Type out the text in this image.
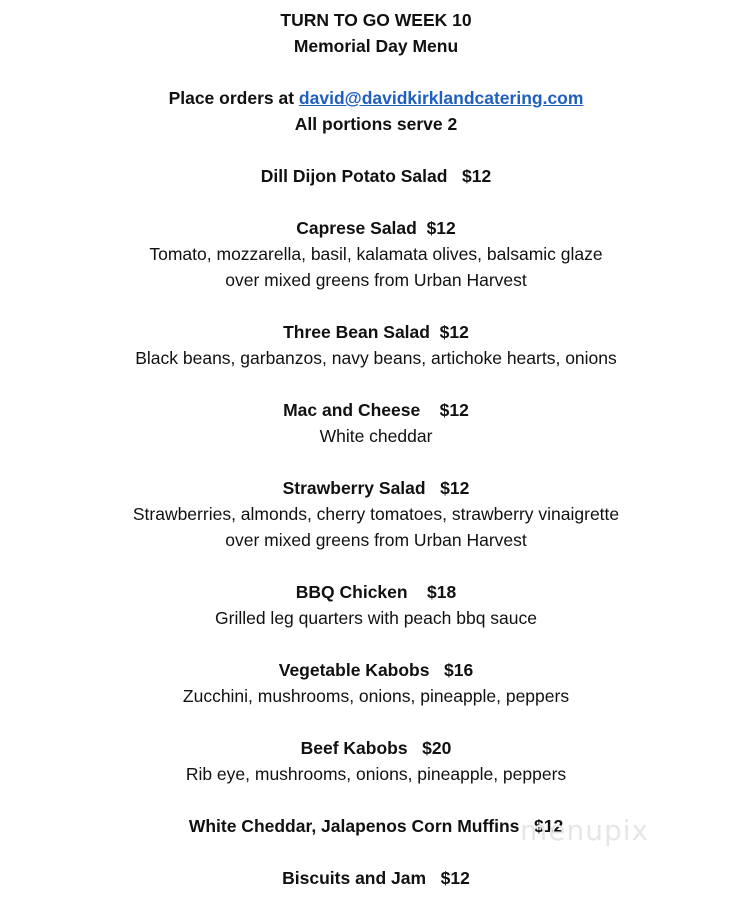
TURN TO GO WEEK 10
Memorial Day Menu
Place orders at david@davidkirklandcatering.com
All portions serve 2
Dill Dijon Potato Salad   $12
Caprese Salad  $12
Tomato, mozzarella, basil, kalamata olives, balsamic glaze
over mixed greens from Urban Harvest
Three Bean Salad  $12
Black beans, garbanzos, navy beans, artichoke hearts, onions
Mac and Cheese    $12
White cheddar
Strawberry Salad   $12
Strawberries, almonds, cherry tomatoes, strawberry vinaigrette
over mixed greens from Urban Harvest
BBQ Chicken    $18
Grilled leg quarters with peach bbq sauce
Vegetable Kabobs   $16
Zucchini, mushrooms, onions, pineapple, peppers
Beef Kabobs   $20
Rib eye, mushrooms, onions, pineapple, peppers
White Cheddar, Jalapenos Corn Muffins   $12
Biscuits and Jam   $12
menupix
